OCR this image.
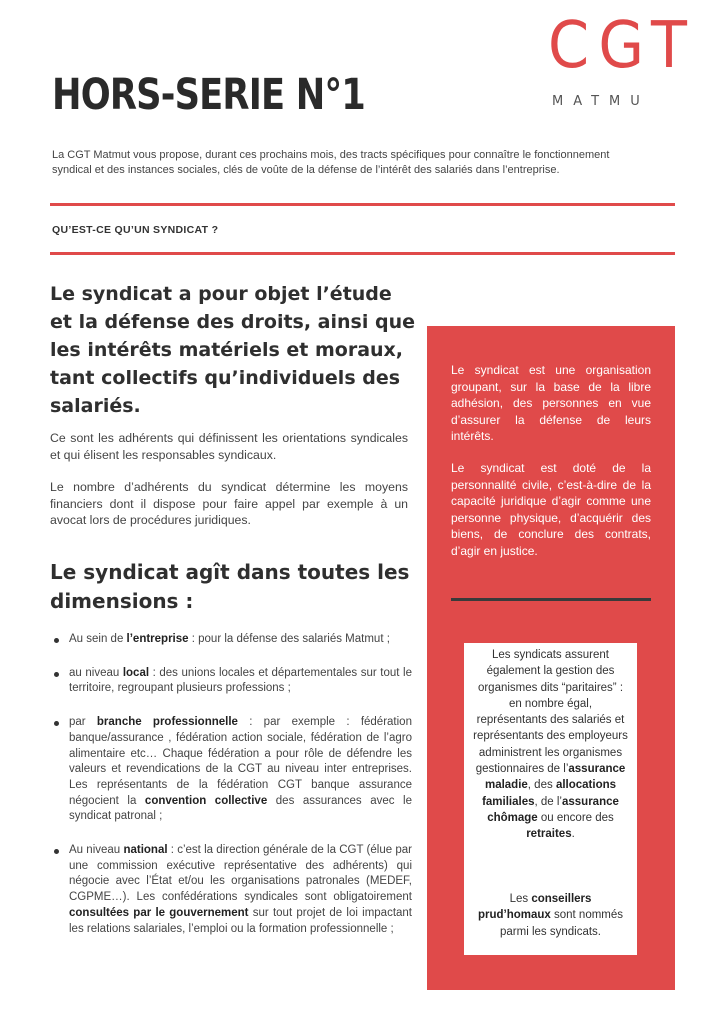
HORS-SERIE N°1
CGT
MATMU
La CGT Matmut vous propose, durant ces prochains mois, des tracts spécifiques pour connaître le fonctionnement syndical et des instances sociales, clés de voûte de la défense de l’intérêt des salariés dans l’entreprise.
QU’EST-CE QU’UN SYNDICAT ?
Le syndicat a pour objet l’étude et la défense des droits, ainsi que les intérêts matériels et moraux, tant collectifs qu’individuels des salariés.

Ce sont les adhérents qui définissent les orientations syndicales et qui élisent les responsables syndicaux.

Le nombre d’adhérents du syndicat détermine les moyens financiers dont il dispose pour faire appel par exemple à un avocat lors de procédures juridiques.

Le syndicat agît dans toutes les dimensions :
Au sein de l’entreprise : pour la défense des salariés Matmut ;
au niveau local : des unions locales et départementales sur tout le territoire, regroupant plusieurs professions ;
par branche professionnelle : par exemple : fédération banque/assurance , fédération action sociale, fédération de l’agro alimentaire etc… Chaque fédération a pour rôle de défendre les valeurs et revendications de la CGT au niveau inter entreprises. Les représentants de la fédération CGT banque assurance négocient la convention collective des assurances avec le syndicat patronal ;
Au niveau national : c’est la direction générale de la CGT (élue par une commission exécutive représentative des adhérents) qui négocie avec l’État et/ou les organisations patronales (MEDEF, CGPME…). Les confédérations syndicales sont obligatoirement consultées par le gouvernement sur tout projet de loi impactant les relations salariales, l’emploi ou la formation professionnelle ;

Le syndicat est une organisation groupant, sur la base de la libre adhésion, des personnes en vue d’assurer la défense de leurs intérêts.

Le syndicat est doté de la personnalité civile, c’est-à-dire de la capacité juridique d’agir comme une personne physique, d’acquérir des biens, de conclure des contrats, d’agir en justice.

Les syndicats assurent également la gestion des organismes dits “paritaires” : en nombre égal, représentants des salariés et représentants des employeurs administrent les organismes gestionnaires de l’assurance maladie, des allocations familiales, de l’assurance chômage ou encore des retraites.

Les conseillers prud’homaux sont nommés parmi les syndicats.
